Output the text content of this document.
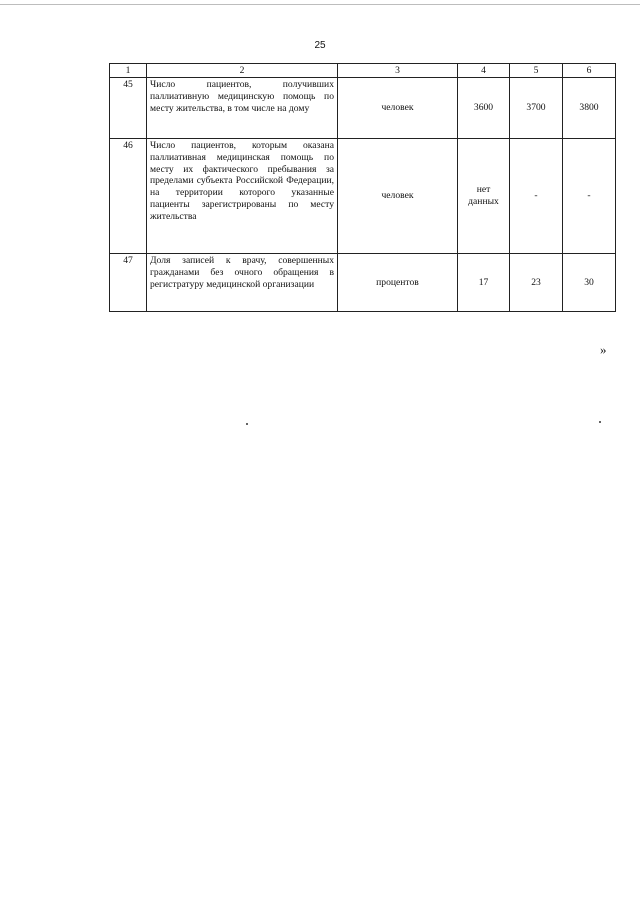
25
1	2	3	4	5	6
45	Число пациентов, получивших паллиативную медицинскую помощь по месту жительства, в том числе на дому	человек	3600	3700	3800
46	Число пациентов, которым оказана паллиативная медицинская помощь по месту их фактического пребывания за пределами субъекта Российской Федерации, на территории которого указанные пациенты зарегистрированы по месту жительства	человек	нет данных	-	-
47	Доля записей к врачу, совершенных гражданами без очного обращения в регистратуру медицинской организации	процентов	17	23	30
»
